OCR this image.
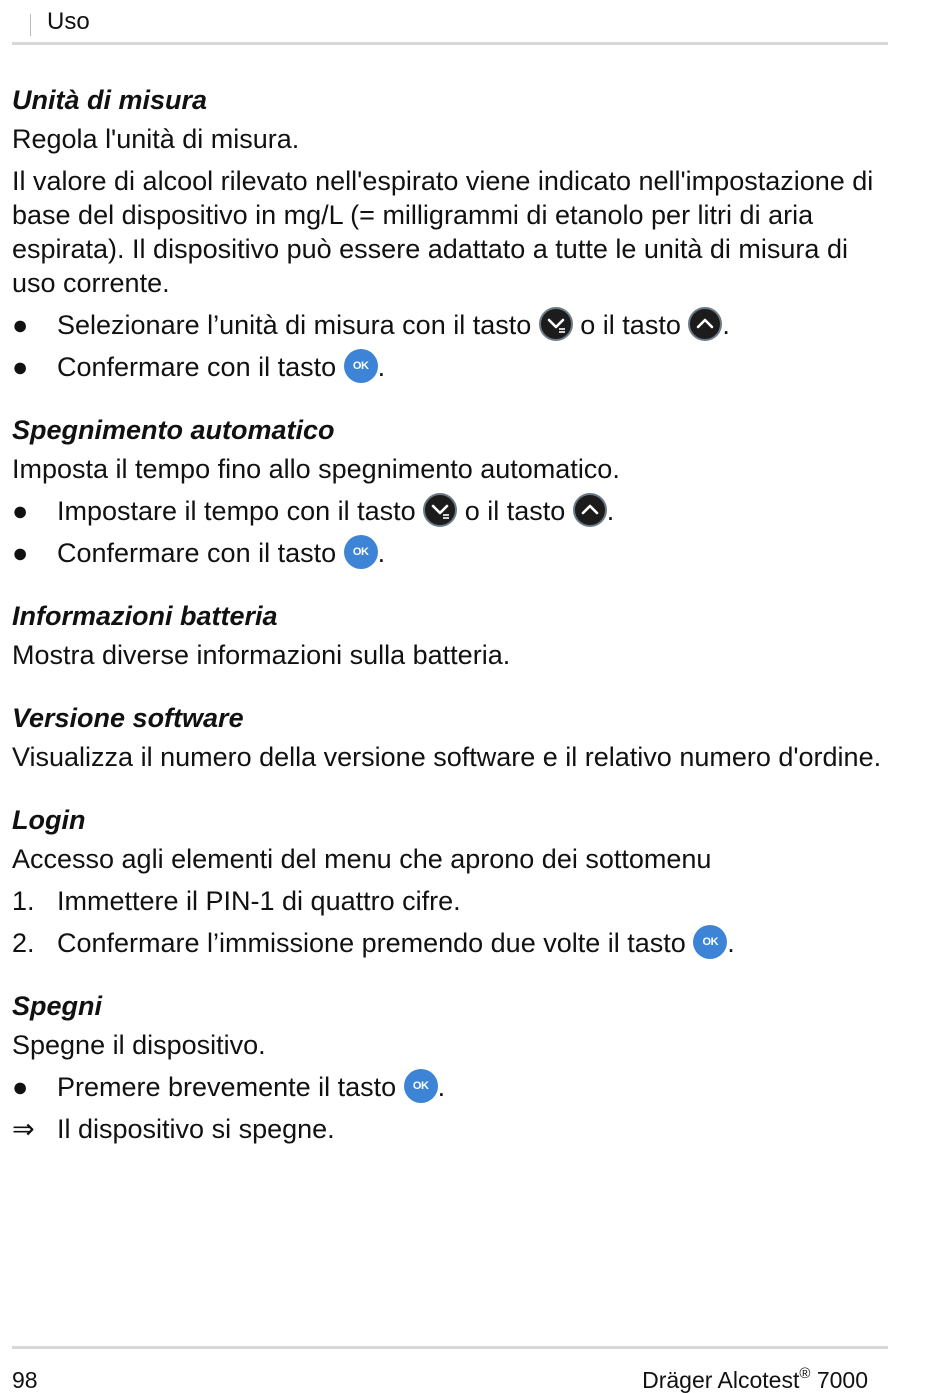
Uso
Unità di misura
Regola l'unità di misura.
Il valore di alcool rilevato nell'espirato viene indicato nell'impostazione di base del dispositivo in mg/L (= milligrammi di etanolo per litri di aria espirata). Il dispositivo può essere adattato a tutte le unità di misura di uso corrente.
●	Selezionare l’unità di misura con il tasto o il tasto .
●	Confermare con il tasto OK .
Spegnimento automatico
Imposta il tempo fino allo spegnimento automatico.
●	Impostare il tempo con il tasto o il tasto .
●	Confermare con il tasto OK .
Informazioni batteria
Mostra diverse informazioni sulla batteria.
Versione software
Visualizza il numero della versione software e il relativo numero d'ordine.
Login
Accesso agli elementi del menu che aprono dei sottomenu
1. Immettere il PIN-1 di quattro cifre.
2. Confermare l’immissione premendo due volte il tasto OK .
Spegni
Spegne il dispositivo.
●	Premere brevemente il tasto OK .
⇒ Il dispositivo si spegne.
98	Dräger Alcotest® 7000
